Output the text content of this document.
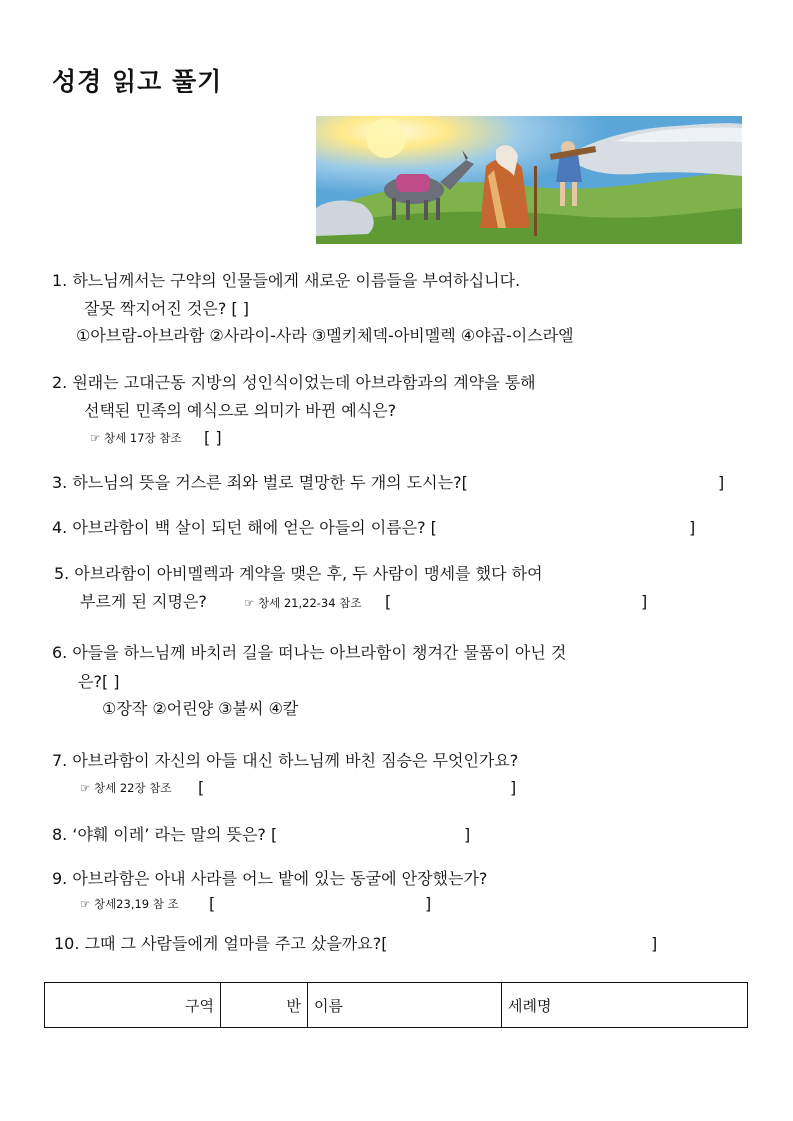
성경 읽고 풀기
1. 하느님께서는 구약의 인물들에게 새로운 이름들을 부여하십니다.
잘못 짝지어진 것은? [ ]
①아브람-아브라함 ②사라이-사라 ③멜키체덱-아비멜렉 ④야곱-이스라엘
2. 원래는 고대근동 지방의 성인식이었는데 아브라함과의 계약을 통해
선택된 민족의 예식으로 의미가 바뀐 예식은?
☞ 창세 17장 참조 [ ]
3. 하느님의 뜻을 거스른 죄와 벌로 멸망한 두 개의 도시는?[	]
4. 아브라함이 백 살이 되던 해에 얻은 아들의 이름은? [	]
5. 아브라함이 아비멜렉과 계약을 맺은 후, 두 사람이 맹세를 했다 하여
부르게 된 지명은?	☞ 창세 21,22-34 참조 [	]
6. 아들을 하느님께 바치러 길을 떠나는 아브라함이 챙겨간 물품이 아닌 것
은?[ ]
①장작 ②어린양 ③불씨 ④칼
7. 아브라함이 자신의 아들 대신 하느님께 바친 짐승은 무엇인가요?
☞ 창세 22장 참조 [	]
8. ‘야훼 이레’ 라는 말의 뜻은? [	]
9. 아브라함은 아내 사라를 어느 밭에 있는 동굴에 안장했는가?
☞ 창세23,19 참 조 [	]
10. 그때 그 사람들에게 얼마를 주고 샀을까요?[	]
구역	반	이름	세례명
